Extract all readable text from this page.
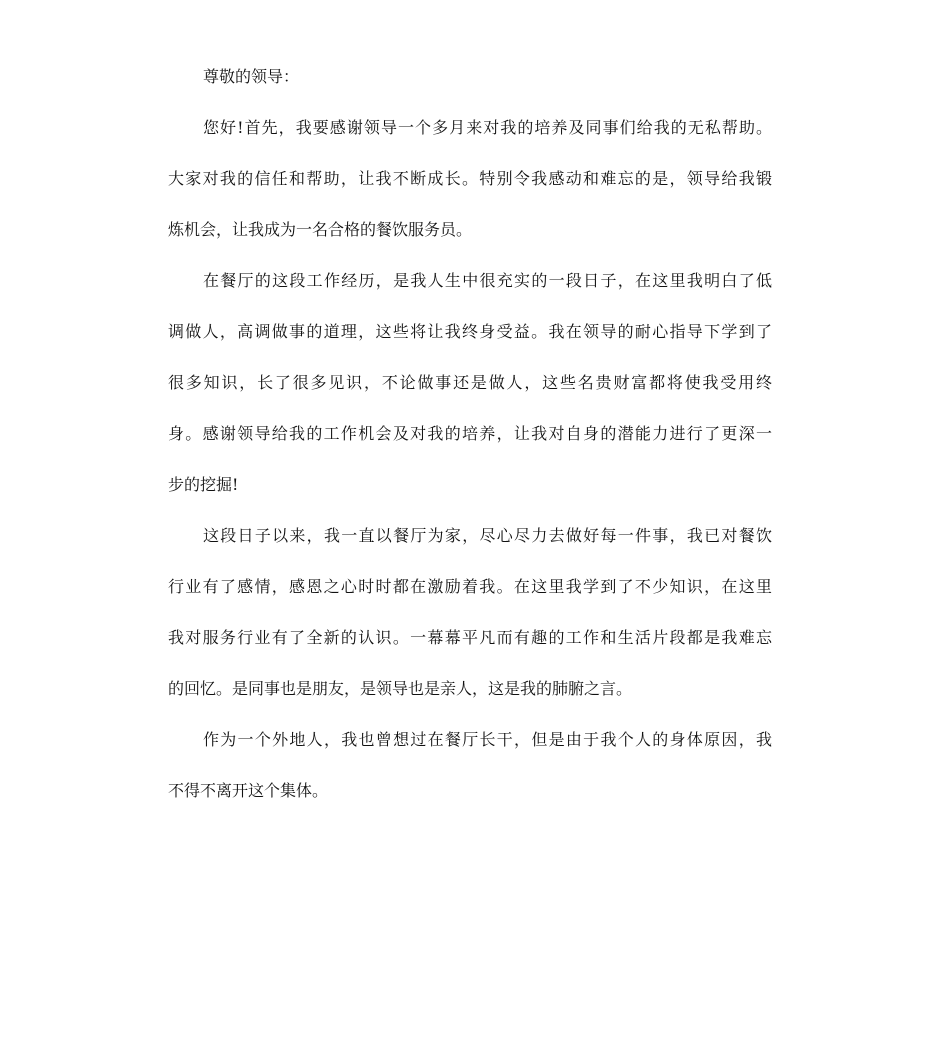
尊敬的领导：
您好!首先，我要感谢领导一个多月来对我的培养及同事们给我的无私帮助。
大家对我的信任和帮助，让我不断成长。特别令我感动和难忘的是，领导给我锻
炼机会，让我成为一名合格的餐饮服务员。
在餐厅的这段工作经历，是我人生中很充实的一段日子，在这里我明白了低
调做人，高调做事的道理，这些将让我终身受益。我在领导的耐心指导下学到了
很多知识，长了很多见识，不论做事还是做人，这些名贵财富都将使我受用终
身。感谢领导给我的工作机会及对我的培养，让我对自身的潜能力进行了更深一
步的挖掘!
这段日子以来，我一直以餐厅为家，尽心尽力去做好每一件事，我已对餐饮
行业有了感情，感恩之心时时都在激励着我。在这里我学到了不少知识，在这里
我对服务行业有了全新的认识。一幕幕平凡而有趣的工作和生活片段都是我难忘
的回忆。是同事也是朋友，是领导也是亲人，这是我的肺腑之言。
作为一个外地人，我也曾想过在餐厅长干，但是由于我个人的身体原因，我
不得不离开这个集体。
